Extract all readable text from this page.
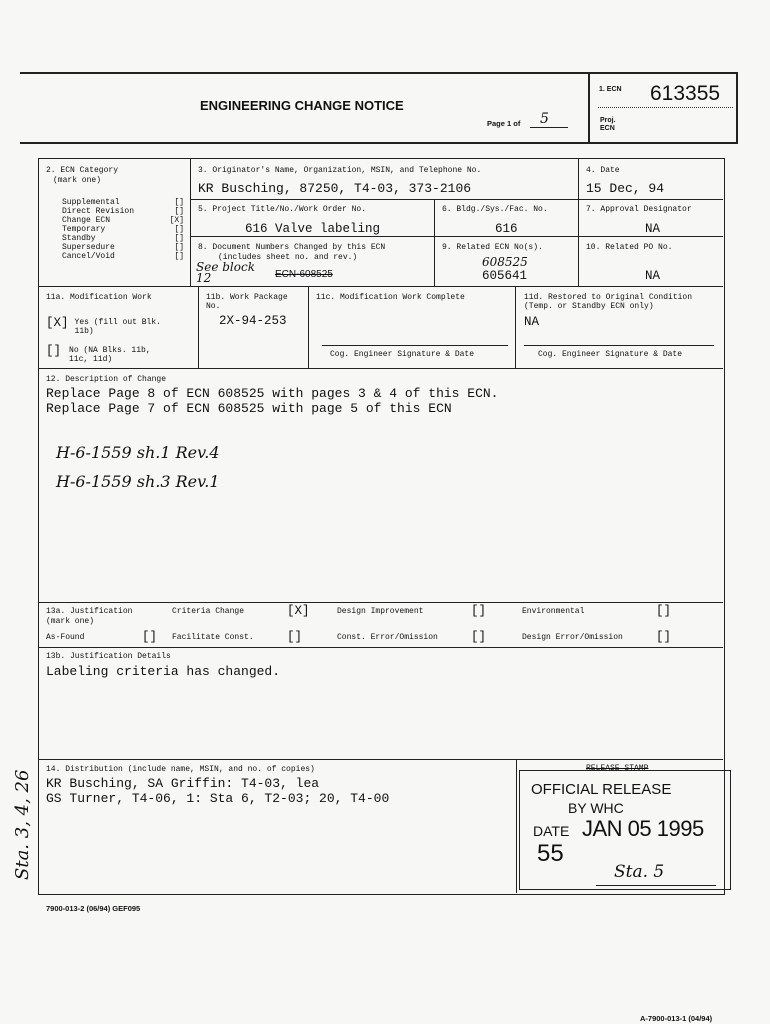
ENGINEERING CHANGE NOTICE
Page 1 of 5
1. ECN 613355
Proj. ECN
2. ECN Category
(mark one)
Supplemental	[]
Direct Revision	[]
Change ECN	[X]
Temporary	[]
Standby	[]
Supersedure	[]
Cancel/Void	[]
3. Originator's Name, Organization, MSIN, and Telephone No.
KR Busching, 87250, T4-03, 373-2106
4. Date
15 Dec, 94
5. Project Title/No./Work Order No.
616 Valve labeling
6. Bldg./Sys./Fac. No.
616
7. Approval Designator
NA
8. Document Numbers Changed by this ECN
(includes sheet no. and rev.)
See block 12	ECN-608525
9. Related ECN No(s).
608525
605641
10. Related PO No.
NA
11a. Modification Work
[X] Yes (fill out Blk. 11b)
[] No (NA Blks. 11b, 11c, 11d)
11b. Work Package No.
2X-94-253
11c. Modification Work Complete
Cog. Engineer Signature & Date
11d. Restored to Original Condition (Temp. or Standby ECN only)
NA
Cog. Engineer Signature & Date
12. Description of Change
Replace Page 8 of ECN 608525 with pages 3 & 4 of this ECN.
Replace Page 7 of ECN 608525 with page 5 of this ECN
H-6-1559 sh.1 Rev.4
H-6-1559 sh.3 Rev.1
13a. Justification
(mark one)
Criteria Change	[X]	Design Improvement	[]	Environmental	[]
As-Found	[] Facilitate Const.	[]	Const. Error/Omission	[]	Design Error/Omission	[]
13b. Justification Details
Labeling criteria has changed.
14. Distribution (include name, MSIN, and no. of copies)
KR Busching, SA Griffin: T4-03, lea
GS Turner, T4-06, 1: Sta 6, T2-03; 20, T4-00
RELEASE STAMP
OFFICIAL RELEASE
BY WHC
DATE JAN 05 1995
55
Sta. 5
Sta. 3, 4, 26
7900-013-2 (06/94) GEF095
A-7900-013-1 (04/94)
